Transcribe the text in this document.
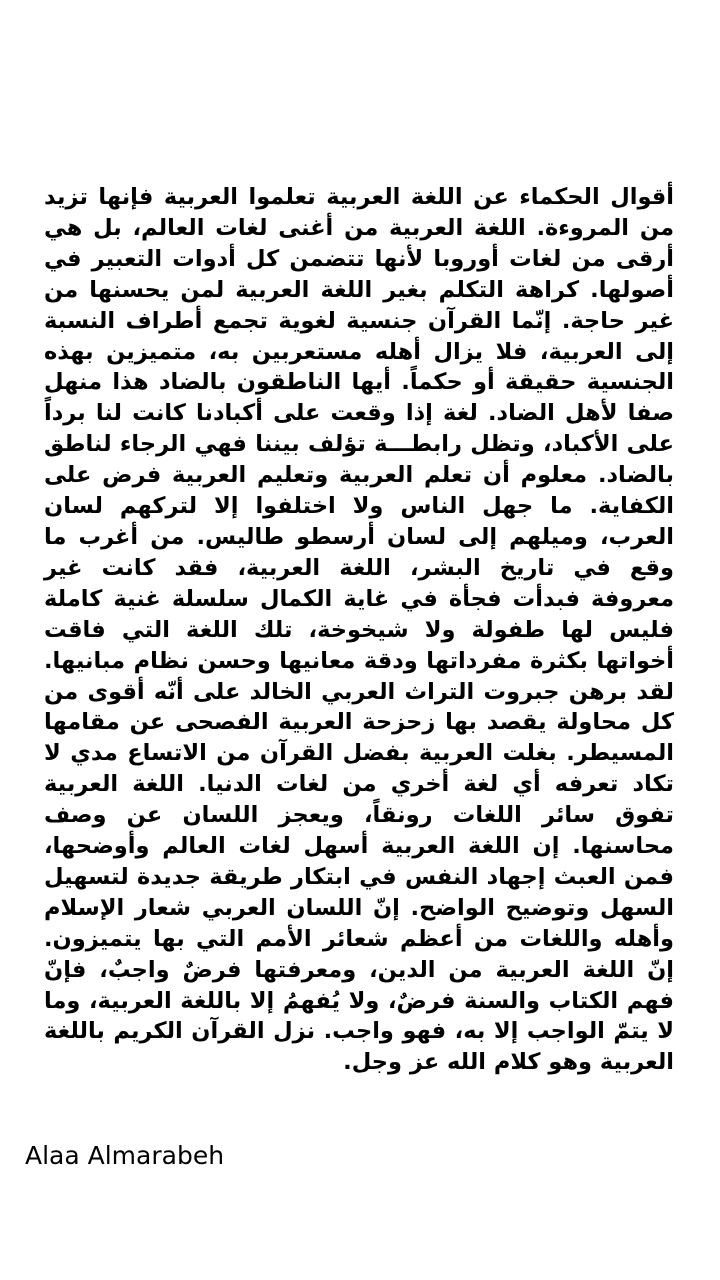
أقوال الحكماء عن اللغة العربية تعلموا العربية فإنها تزيد من المروءة. اللغة العربية من أغنى لغات العالم، بل هي أرقى من لغات أوروبا لأنها تتضمن كل أدوات التعبير في أصولها. كراهة التكلم بغير اللغة العربية لمن يحسنها من غير حاجة. إنّما القرآن جنسية لغوية تجمع أطراف النسبة إلى العربية، فلا يزال أهله مستعربين به، متميزين بهذه الجنسية حقيقة أو حكماً. أيها الناطقون بالضاد هذا منهل صفا لأهل الضاد. لغة إذا وقعت على أكبادنا كانت لنا برداً على الأكباد، وتظل رابطـــة تؤلف بيننا فهي الرجاء لناطق بالضاد. معلوم أن تعلم العربية وتعليم العربية فرض على الكفاية. ما جهل الناس ولا اختلفوا إلا لتركهم لسان العرب، وميلهم إلى لسان أرسطو طاليس. من أغرب ما وقع في تاريخ البشر، اللغة العربية، فقد كانت غير معروفة فبدأت فجأة في غاية الكمال سلسلة غنية كاملة فليس لها طفولة ولا شيخوخة، تلك اللغة التي فاقت أخواتها بكثرة مفرداتها ودقة معانيها وحسن نظام مبانيها. لقد برهن جبروت التراث العربي الخالد على أنّه أقوى من كل محاولة يقصد بها زحزحة العربية الفصحى عن مقامها المسيطر. بغلت العربية بفضل القرآن من الاتساع مدي لا تكاد تعرفه أي لغة أخري من لغات الدنيا. اللغة العربية تفوق سائر اللغات رونقاً، ويعجز اللسان عن وصف محاسنها. إن اللغة العربية أسهل لغات العالم وأوضحها، فمن العبث إجهاد النفس في ابتكار طريقة جديدة لتسهيل السهل وتوضيح الواضح. إنّ اللسان العربي شعار الإسلام وأهله واللغات من أعظم شعائر الأمم التي بها يتميزون. إنّ اللغة العربية من الدين، ومعرفتها فرضٌ واجبٌ، فإنّ فهم الكتاب والسنة فرضٌ، ولا يُفهمُ إلا باللغة العربية، وما لا يتمّ الواجب إلا به، فهو واجب. نزل القرآن الكريم باللغة العربية وهو كلام الله عز وجل.

Alaa Almarabeh
